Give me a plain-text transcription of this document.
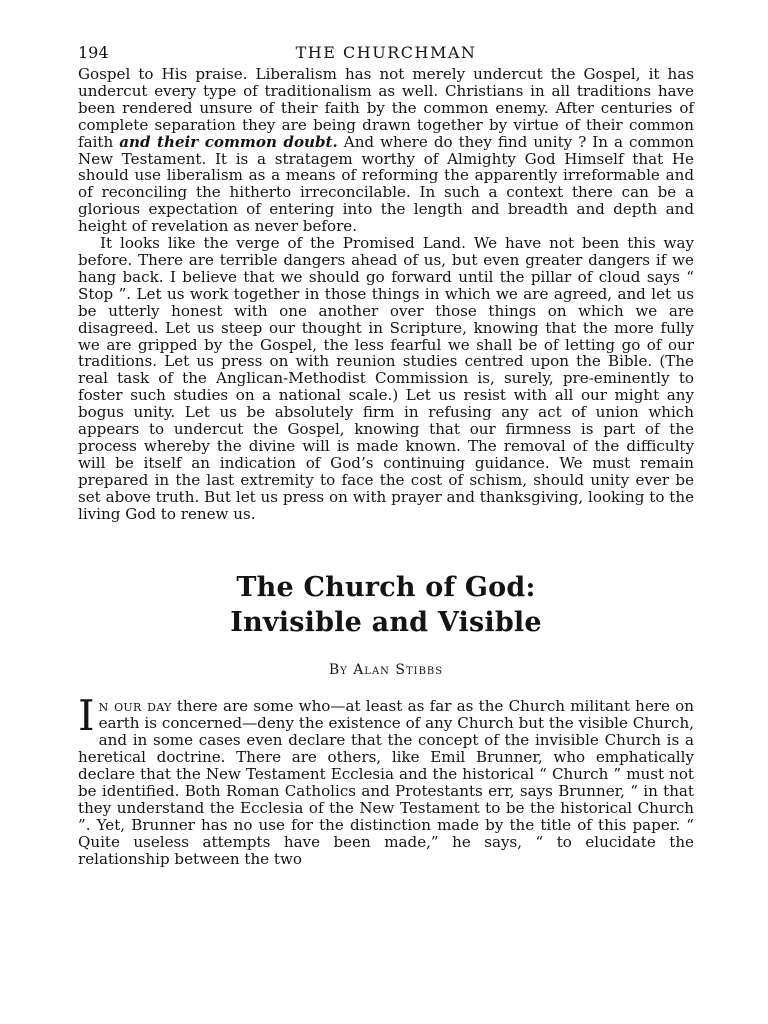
194	THE CHURCHMAN

Gospel to His praise. Liberalism has not merely undercut the Gospel, it has undercut every type of traditionalism as well. Christians in all traditions have been rendered unsure of their faith by the common enemy. After centuries of complete separation they are being drawn together by virtue of their common faith and their common doubt. And where do they find unity ? In a common New Testament. It is a stratagem worthy of Almighty God Himself that He should use liberalism as a means of reforming the apparently irreformable and of reconciling the hitherto irreconcilable. In such a context there can be a glorious expectation of entering into the length and breadth and depth and height of revelation as never before.

It looks like the verge of the Promised Land. We have not been this way before. There are terrible dangers ahead of us, but even greater dangers if we hang back. I believe that we should go forward until the pillar of cloud says “ Stop ”. Let us work together in those things in which we are agreed, and let us be utterly honest with one another over those things on which we are disagreed. Let us steep our thought in Scripture, knowing that the more fully we are gripped by the Gospel, the less fearful we shall be of letting go of our traditions. Let us press on with reunion studies centred upon the Bible. (The real task of the Anglican-Methodist Commission is, surely, pre-eminently to foster such studies on a national scale.) Let us resist with all our might any bogus unity. Let us be absolutely firm in refusing any act of union which appears to undercut the Gospel, knowing that our firmness is part of the process whereby the divine will is made known. The removal of the difficulty will be itself an indication of God’s continuing guidance. We must remain prepared in the last extremity to face the cost of schism, should unity ever be set above truth. But let us press on with prayer and thanksgiving, looking to the living God to renew us.

The Church of God:
Invisible and Visible
By Alan Stibbs

In our day there are some who—at least as far as the Church militant here on earth is concerned—deny the existence of any Church but the visible Church, and in some cases even declare that the concept of the invisible Church is a heretical doctrine. There are others, like Emil Brunner, who emphatically declare that the New Testament Ecclesia and the historical “ Church ” must not be identified. Both Roman Catholics and Protestants err, says Brunner, “ in that they understand the Ecclesia of the New Testament to be the historical Church ”. Yet, Brunner has no use for the distinction made by the title of this paper. “ Quite useless attempts have been made,” he says, “ to elucidate the relationship between the two
